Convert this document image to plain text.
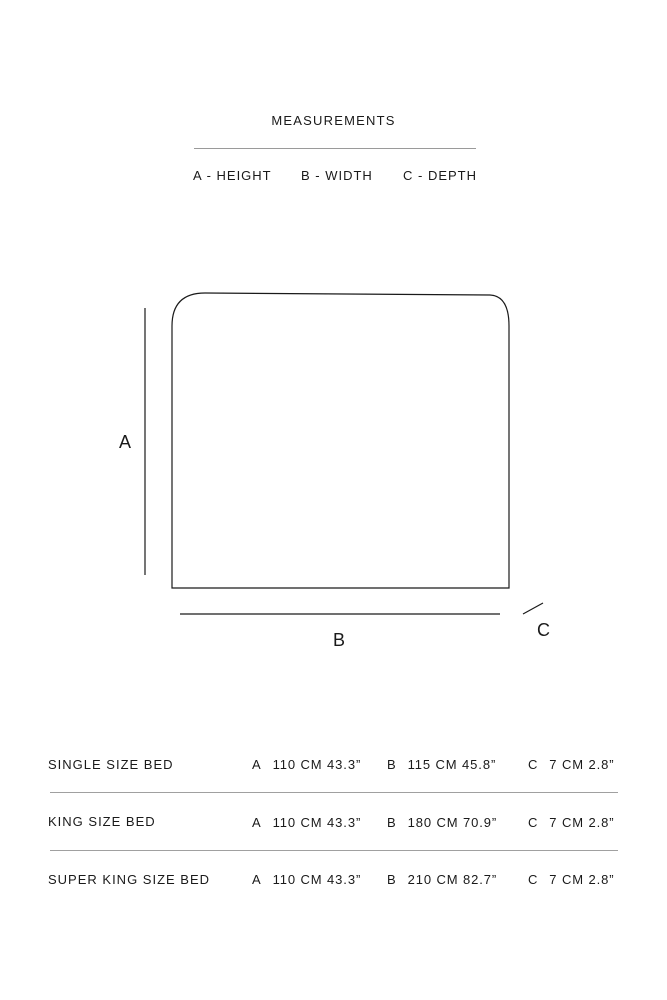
MEASUREMENTS
A - HEIGHT B - WIDTH C - DEPTH
A
B	C
SINGLE SIZE BED	A 110 CM 43.3” B 115 CM 45.8” C 7 CM 2.8”
KING SIZE BED	A 110 CM 43.3” B 180 CM 70.9” C 7 CM 2.8”
SUPER KING SIZE BED	A 110 CM 43.3” B 210 CM 82.7” C 7 CM 2.8”
